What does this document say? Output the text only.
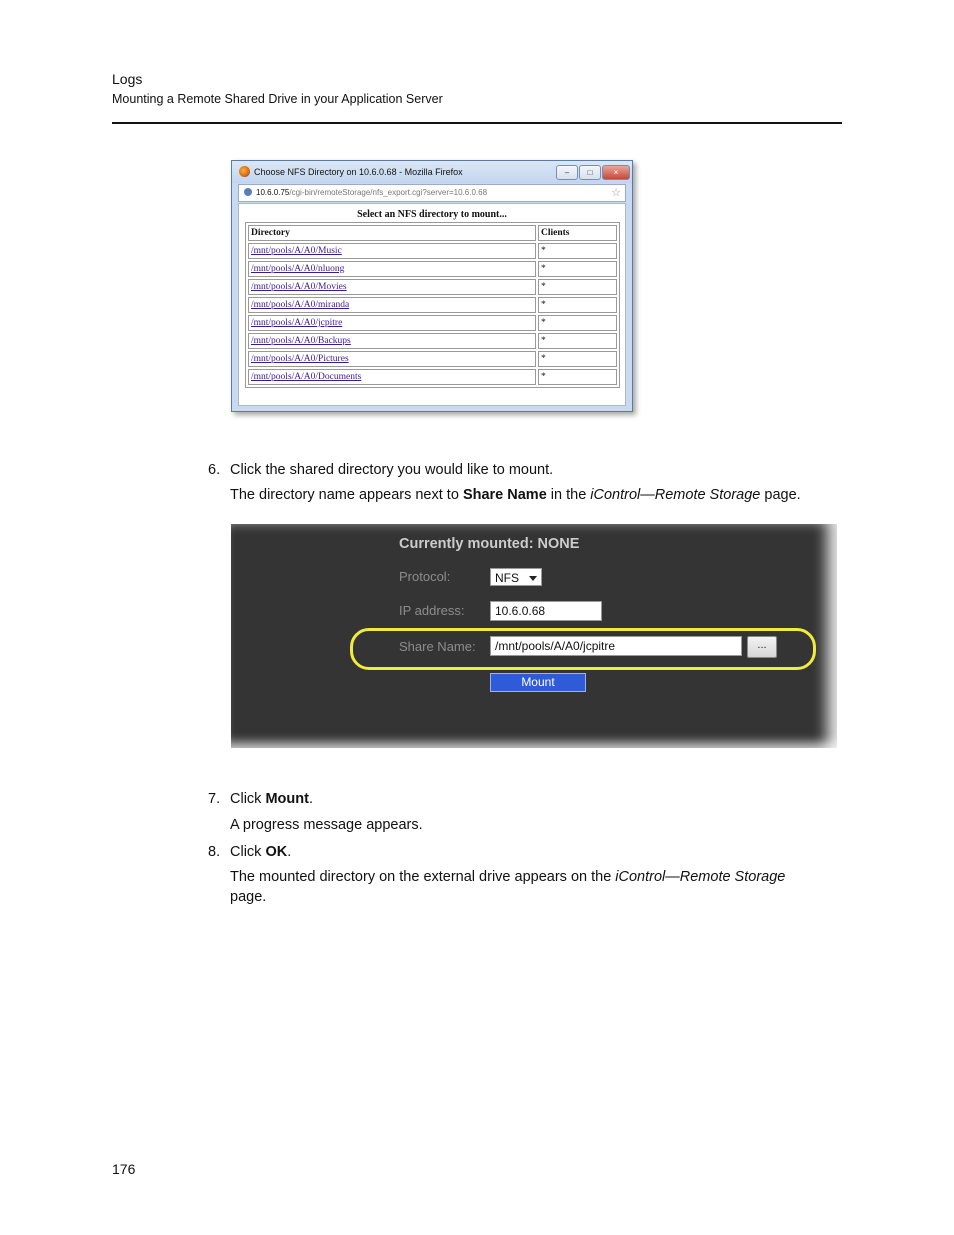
Logs
Mounting a Remote Shared Drive in your Application Server
Choose NFS Directory on 10.6.0.68 - Mozilla Firefox	–	□	×
10.6.0.75/cgi-bin/remoteStorage/nfs_export.cgi?server=10.6.0.68	☆
Select an NFS directory to mount...
Directory	Clients
/mnt/pools/A/A0/Music	*
/mnt/pools/A/A0/nluong	*
/mnt/pools/A/A0/Movies	*
/mnt/pools/A/A0/miranda	*
/mnt/pools/A/A0/jcpitre	*
/mnt/pools/A/A0/Backups	*
/mnt/pools/A/A0/Pictures	*
/mnt/pools/A/A0/Documents	*
6. Click the shared directory you would like to mount.
The directory name appears next to Share Name in the iControl—Remote Storage page.
Currently mounted: NONE
Protocol:	NFS
IP address:	10.6.0.68
Share Name:	/mnt/pools/A/A0/jcpitre	...
Mount
7. Click Mount.
A progress message appears.
8. Click OK.
The mounted directory on the external drive appears on the iControl—Remote Storage
page.
176
